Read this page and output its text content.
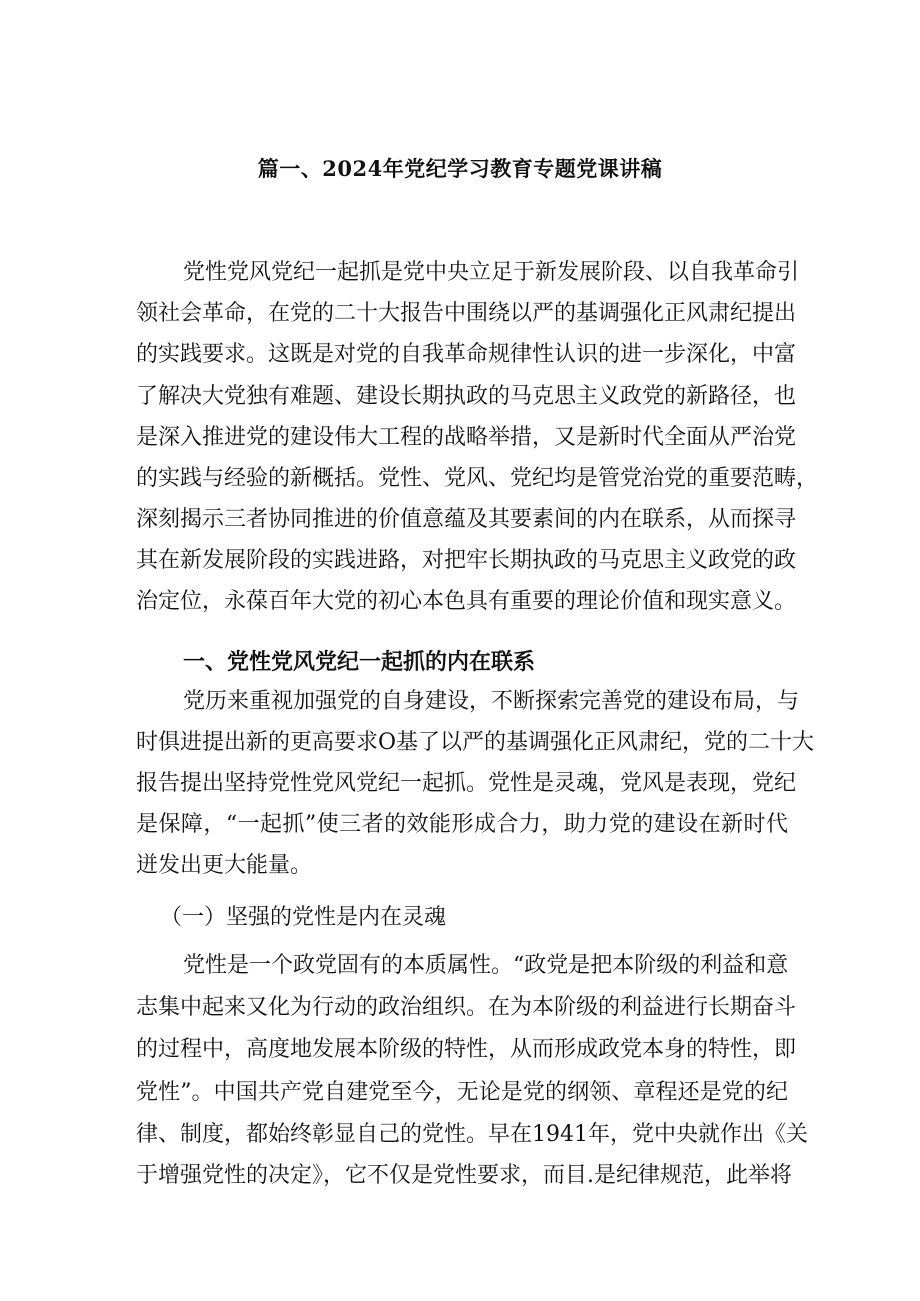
篇一、2024年党纪学习教育专题党课讲稿
党性党风党纪一起抓是党中央立足于新发展阶段、以自我革命引
领社会革命，在党的二十大报告中围绕以严的基调强化正风肃纪提出
的实践要求。这既是对党的自我革命规律性认识的进一步深化，中富
了解决大党独有难题、建设长期执政的马克思主义政党的新路径，也
是深入推进党的建设伟大工程的战略举措，又是新时代全面从严治党
的实践与经验的新概括。党性、党风、党纪均是管党治党的重要范畴，
深刻揭示三者协同推进的价值意蕴及其要素间的内在联系，从而探寻
其在新发展阶段的实践进路，对把牢长期执政的马克思主义政党的政
治定位，永葆百年大党的初心本色具有重要的理论价值和现实意义。
一、党性党风党纪一起抓的内在联系
党历来重视加强党的自身建设，不断探索完善党的建设布局，与
时俱进提出新的更高要求O基了以严的基调强化正风肃纪，党的二十大
报告提出坚持党性党风党纪一起抓。党性是灵魂，党风是表现，党纪
是保障，“一起抓”使三者的效能形成合力，助力党的建设在新时代
迸发出更大能量。
（一）坚强的党性是内在灵魂
党性是一个政党固有的本质属性。“政党是把本阶级的利益和意
志集中起来又化为行动的政治组织。在为本阶级的利益进行长期奋斗
的过程中，高度地发展本阶级的特性，从而形成政党本身的特性，即
党性”。中国共产党自建党至今，无论是党的纲领、章程还是党的纪
律、制度，都始终彰显自己的党性。早在1941年，党中央就作出《关
于增强党性的决定》，它不仅是党性要求，而目.是纪律规范，此举将
